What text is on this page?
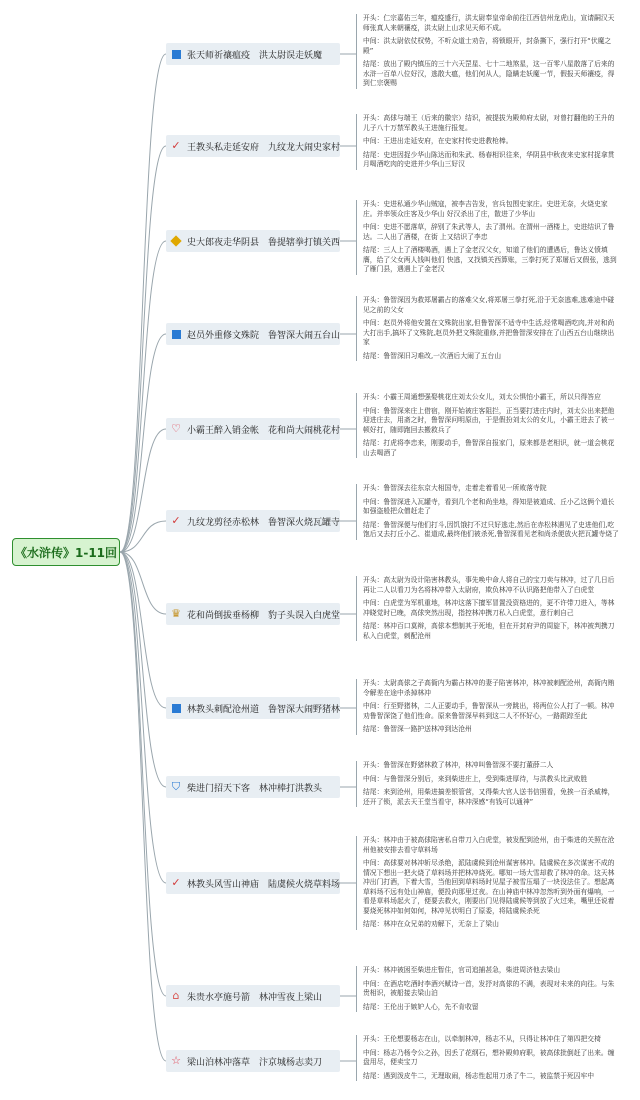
《水浒传》1-11回
张天师祈禳瘟疫　洪太尉误走妖魔

开头：仁宗嘉佑三年，瘟疫盛行，洪太尉奉皇帝命前往江西信州龙虎山，宣请嗣汉天师张真人来朝禳疫，洪太尉上山求见天师不成。

中间：洪太尉依仗权势，不听众道士劝告，将锁眼开，封条撕下，强行打开“伏魔之殿”

结尾：放出了殿内镇压的三十六天罡星、七十二地煞星，这一百零八星散落了后来的水浒一百单八位好汉，逃散大瘟，他们何从人，隐瞒走妖魔一节，假报天师禳疫，得到仁宗褒赐

✓ 王教头私走延安府　九纹龙大闹史家村

开头：高俅与端王（后来的徽宗）结识，被提拔为殿帅府太尉，对曾打翻他的王升的儿子八十万禁军教头王进施行报复。

中间：王进出走延安府，在史家村传史进教枪棒。

结尾：史进因捉少华山陈达而和朱武、杨春相识往来，华阴县中秋夜来史家村捉拿贯月喝酒吃肉的史进并少华山三好汉

史大郎夜走华阴县　鲁提辖拳打镇关西

开头：史进私通少华山贼寇，被李吉告发，官兵包围史家庄。史进无奈，火烧史家庄。并率领众庄客及少华山 好汉杀出了庄，散进了少华山

中间：史进不愿落草，辞别了朱武等人，去了渭州。在渭州一酒楼上，史进结识了鲁达。二人出了酒楼，在街 上又结识了李忠

结尾：三人上了酒楼喝酒，遇上了金老汉父女，知道了他们的遭遇后，鲁达义愤填膺，给了父女两人钱叫他们 快逃，又找镇关西算账，三拳打死了郑屠后又假张，逃到了雁门县，遇遇上了金老汉

赵员外重修文殊院　鲁智深大闹五台山

开头：鲁智深因为救郑屠霸占的落难父女,将郑屠三拳打死,沿于无奈逃难,逃难途中碰见之前的父女

中间：赵员外将他安置在文殊院出家,但鲁智深不适寺中生活,经常喝酒吃肉,并对和尚大打出手,搞坏了文殊院,赵员外把文殊院重修,并把鲁智深安排在了山西五台山继续出家

结尾：鲁智深旧习难改,一次酒后大闹了五台山

♡ 小霸王醉入销金帐　花和尚大闹桃花村

开头：小霸王周通想强娶桃花庄刘太公女儿，刘太公惧怕小霸王，所以只得答应

中间：鲁智深来庄上借宿，刚开始被庄客阻拦，正当要打进庄内时，刘太公出来把他迎进庄去，用斋之时，鲁智深问明原由，于是假扮刘太公的女儿，小霸王进去了被一顿好打，随即跑回去搬救兵了

结尾：打虎将李忠来，刚要动手，鲁智深自报家门，原来都是老相识，就一道会桃花山去喝酒了

✓ 九纹龙剪径赤松林　鲁智深火烧瓦罐寺

开头：鲁智深去往东京大相国寺，走着走着看见一所败落寺院

中间：鲁智深进入瓦罐寺，看到几个老和尚坐地，得知是被道成、丘小乙这俩个道长如强盗般把众僧赶走了

结尾：鲁智深便与他们打斗,因饥饿打不过只好逃走,然后在赤松林遇见了史进他们,吃饱后又去打丘小乙、崔道成,最终他们被杀死,鲁智深看见老和尚杀便放火把瓦罐寺烧了

♛ 花和尚倒拔垂杨柳　豹子头误入白虎堂

开头：高太尉为设计陷害林教头，事先唤中命人将自己的宝刀卖与林冲，过了几日后再让二人以看刀为名将林冲带入太尉府，欺负林冲不认识路把他带入了白虎堂

中间：白虎堂为军机重地，林冲这落下擅军冒置没资格进的，更不许带刀进入，等林冲晓觉时已晚，高俅突然出现，指控林冲携刀私入白虎堂，意行刺自己

结尾：林冲百口莫辩，高俅本想制其于死地，但在开封府尹的周旋下，林冲被判携刀私入白虎堂，刺配沧州

林教头刺配沧州道　鲁智深大闹野猪林

开头：太尉高俅之子高衙内为霸占林冲的妻子陷害林冲，林冲被刺配沧州，高衙内贿令解差在途中杀掉林冲

中间：行至野猪林，二人正要动手，鲁智深从一旁跳出，将两位公人打了一顿。林冲劝鲁智深饶了他们性命。原来鲁智深早料到这二人不怀好心，一路跟踪至此

结尾：鲁智深一路护送林冲到达沧州

⛉ 柴进门招天下客　林冲棒打洪教头

开头：鲁智深在野猪林救了林冲，林冲叫鲁智深不要打董薛二人

中间：与鲁智深分别后，来到柴进庄上，受到柴进厚待，与洪教头比武败胜

结尾：来到沧州，用柴进搞差银管营，又得柴大官人送书信照看，免挨一百杀威棒，还开了锁，派去天王堂当看守，林冲深感“有钱可以通神”

✓ 林教头风雪山神庙　陆虞候火烧草料场

开头：林冲由于被高俅陷害私自带刀入白虎堂，被发配到沧州，由于柴进的关照在沧州他被安排去看守草料场

中间：高俅要对林冲斩尽杀绝，派陆虞候到沧州谋害林冲。陆虞候在多次谋害不成的情况下想出一把火烧了草料场并把林冲烧死。哪知一场大雪却救了林冲的命。这天林冲出门打酒，下着大雪，当他回到草料场时见屋子被雪压塌了一块没法住了。想起离草料场不远有处山神庙，便投向那里过夜。在山神庙中林冲忽然听到外面有爆响，一看是草料场起火了，便要去救火，刚要出门见得陆虞候等到放了火过来，嘴里还说着要烧死林冲如何如何，林冲见状明白了原委，将陆虞候杀死

结尾：林冲在众兄弟的劝解下，无奈上了梁山

⌂ 朱贵水亭施号箭　林冲雪夜上梁山

开头：林冲被困至柴进庄暂住，官司追捕甚急，柴进周济他去梁山

中间：在酒店吃酒时李酒兴赋诗一首，发抒对高俅的不满，表现对未来的向往。与朱贵相识，被船接去梁山泊

结尾：王伦出于嫉妒人心，先不肯收留

☆ 梁山泊林冲落草　汴京城杨志卖刀

开头：王伦想要杨志在山，以牵制林冲，杨志不从，只得让林冲住了第四把交椅

中间：杨志乃杨令公之孙，因丢了花纲石，想补殿帅府职，被高俅批倒赶了出来。缠盘用尽，便卖宝刀

结尾：遇到泼皮牛二，无理取闹，杨志性起用刀杀了牛二，被监禁于死囚牢中
